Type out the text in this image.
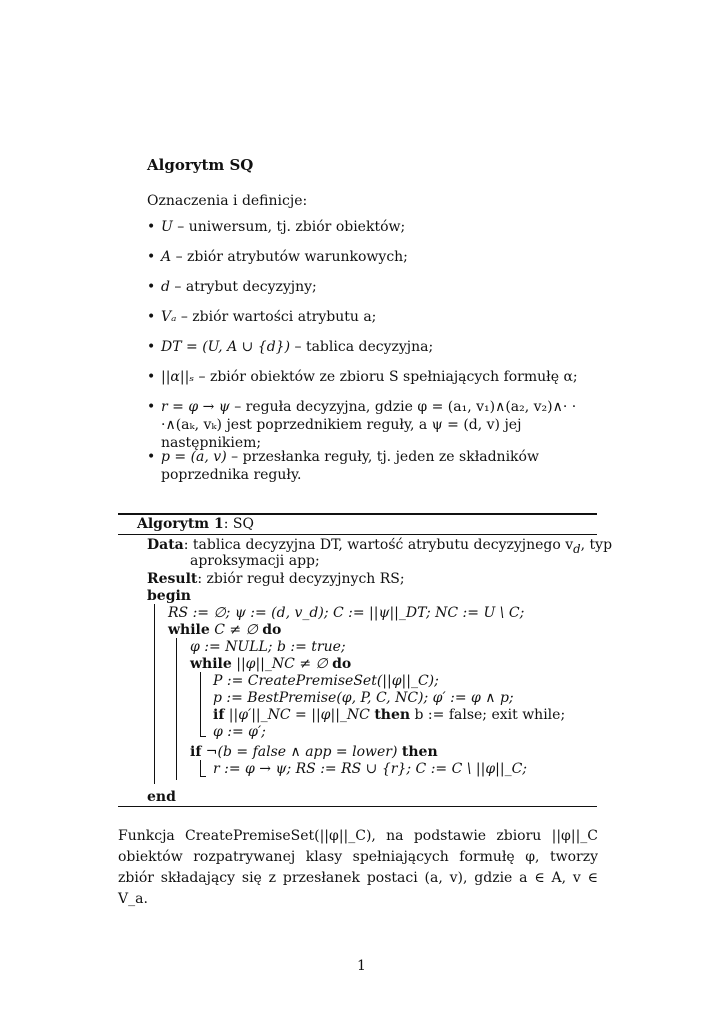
Algorytm SQ
Oznaczenia i definicje:
• U – uniwersum, tj. zbiór obiektów;
• A – zbiór atrybutów warunkowych;
• d – atrybut decyzyjny;
• Vₐ – zbiór wartości atrybutu a;
• DT = (U, A ∪ {d}) – tablica decyzyjna;
• ||α||ₛ – zbiór obiektów ze zbioru S spełniających formułę α;
• r = φ → ψ – reguła decyzyjna, gdzie φ = (a₁, v₁)∧(a₂, v₂)∧· · ·∧(aₖ, vₖ) jest poprzednikiem reguły, a ψ = (d, v) jej następnikiem;
• p = (a, v) – przesłanka reguły, tj. jeden ze składników poprzednika reguły.
Algorytm 1: SQ
Data: tablica decyzyjna DT, wartość atrybutu decyzyjnego $v_d$, typ
aproksymacji app;
Result: zbiór reguł decyzyjnych RS;
begin
RS := ∅; ψ := (d, v_d); C := ||ψ||_DT; NC := U \ C;
while C ≠ ∅ do
φ := NULL; b := true;
while ||φ||_NC ≠ ∅ do
P := CreatePremiseSet(||φ||_C);
p := BestPremise(φ, P, C, NC); φ′ := φ ∧ p;
if ||φ′||_NC = ||φ||_NC then b := false; exit while;
φ := φ′;
if ¬(b = false ∧ app = lower) then
r := φ → ψ; RS := RS ∪ {r}; C := C \ ||φ||_C;
end
Funkcja CreatePremiseSet(||φ||_C), na podstawie zbioru ||φ||_C obiektów rozpatrywanej klasy spełniających formułę φ, tworzy zbiór składający się z przesłanek postaci (a, v), gdzie a ∈ A, v ∈ V_a.
1
